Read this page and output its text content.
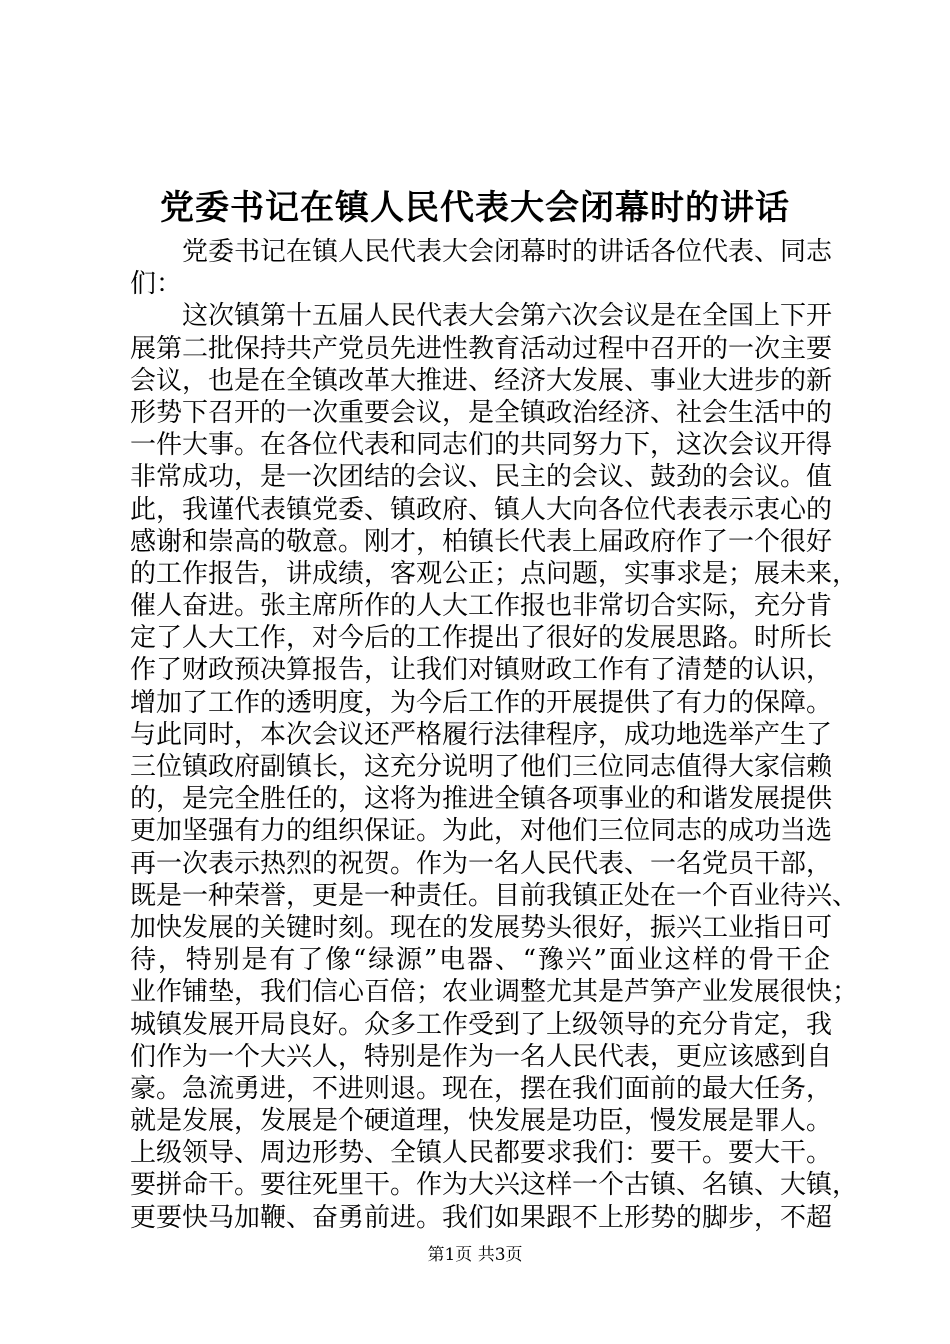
党委书记在镇人民代表大会闭幕时的讲话
　　党委书记在镇人民代表大会闭幕时的讲话各位代表、同志
们：
　　这次镇第十五届人民代表大会第六次会议是在全国上下开
展第二批保持共产党员先进性教育活动过程中召开的一次主要
会议，也是在全镇改革大推进、经济大发展、事业大进步的新
形势下召开的一次重要会议，是全镇政治经济、社会生活中的
一件大事。在各位代表和同志们的共同努力下，这次会议开得
非常成功，是一次团结的会议、民主的会议、鼓劲的会议。值
此，我谨代表镇党委、镇政府、镇人大向各位代表表示衷心的
感谢和崇高的敬意。刚才，柏镇长代表上届政府作了一个很好
的工作报告，讲成绩，客观公正；点问题，实事求是；展未来，
催人奋进。张主席所作的人大工作报也非常切合实际，充分肯
定了人大工作，对今后的工作提出了很好的发展思路。时所长
作了财政预决算报告，让我们对镇财政工作有了清楚的认识，
增加了工作的透明度，为今后工作的开展提供了有力的保障。
与此同时，本次会议还严格履行法律程序，成功地选举产生了
三位镇政府副镇长，这充分说明了他们三位同志值得大家信赖
的，是完全胜任的，这将为推进全镇各项事业的和谐发展提供
更加坚强有力的组织保证。为此，对他们三位同志的成功当选
再一次表示热烈的祝贺。作为一名人民代表、一名党员干部，
既是一种荣誉，更是一种责任。目前我镇正处在一个百业待兴、
加快发展的关键时刻。现在的发展势头很好，振兴工业指日可
待，特别是有了像“绿源”电器、“豫兴”面业这样的骨干企
业作铺垫，我们信心百倍；农业调整尤其是芦笋产业发展很快；
城镇发展开局良好。众多工作受到了上级领导的充分肯定，我
们作为一个大兴人，特别是作为一名人民代表，更应该感到自
豪。急流勇进，不进则退。现在，摆在我们面前的最大任务，
就是发展，发展是个硬道理，快发展是功臣，慢发展是罪人。
上级领导、周边形势、全镇人民都要求我们：要干。要大干。
要拼命干。要往死里干。作为大兴这样一个古镇、名镇、大镇，
更要快马加鞭、奋勇前进。我们如果跟不上形势的脚步，不超
第1页 共3页
